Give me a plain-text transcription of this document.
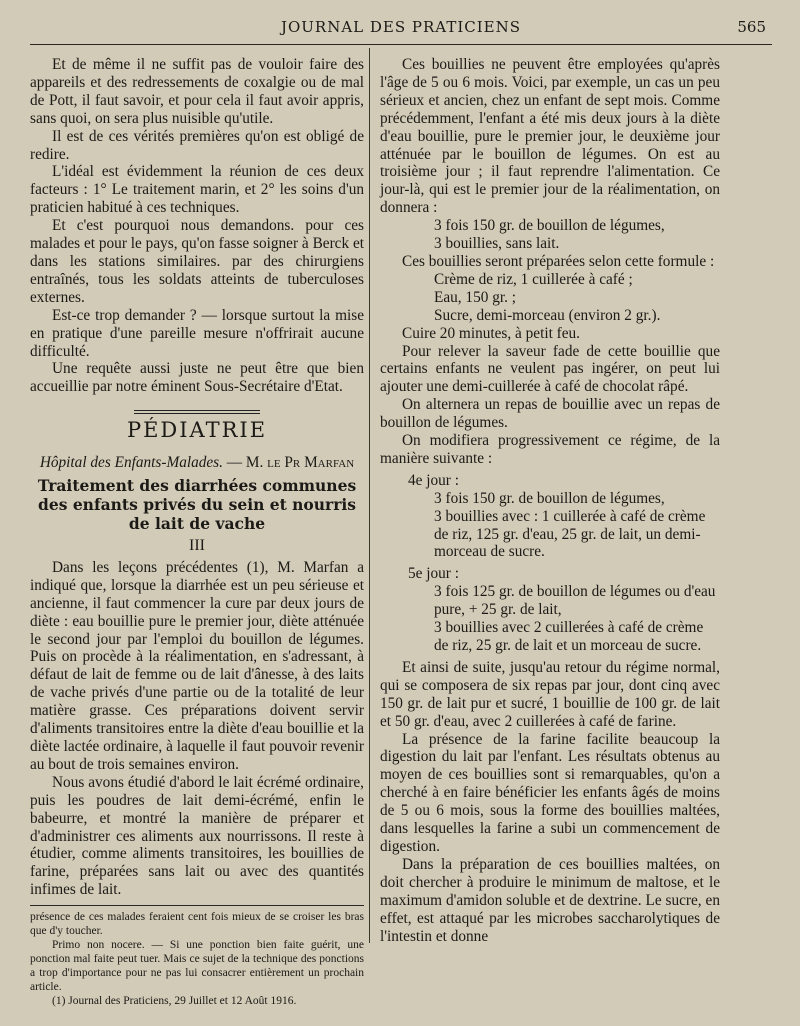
JOURNAL DES PRATICIENS	565

Et de même il ne suffit pas de vouloir faire des appareils et des redressements de coxalgie ou de mal de Pott, il faut savoir, et pour cela il faut avoir appris, sans quoi, on sera plus nuisible qu'utile.

Il est de ces vérités premières qu'on est obligé de redire.

L'idéal est évidemment la réunion de ces deux facteurs : 1° Le traitement marin, et 2° les soins d'un praticien habitué à ces techniques.

Et c'est pourquoi nous demandons. pour ces malades et pour le pays, qu'on fasse soigner à Berck et dans les stations similaires. par des chirurgiens entraînés, tous les soldats atteints de tuberculoses externes.

Est-ce trop demander ? — lorsque surtout la mise en pratique d'une pareille mesure n'offrirait aucune difficulté.

Une requête aussi juste ne peut être que bien accueillie par notre éminent Sous-Secrétaire d'Etat.

PÉDIATRIE
Hôpital des Enfants-Malades. — M. le Pr Marfan
Traitement des diarrhées communes des enfants privés du sein et nourris de lait de vache
III

Dans les leçons précédentes (1), M. Marfan a indiqué que, lorsque la diarrhée est un peu sérieuse et ancienne, il faut commencer la cure par deux jours de diète : eau bouillie pure le premier jour, diète atténuée le second jour par l'emploi du bouillon de légumes. Puis on procède à la réalimentation, en s'adressant, à défaut de lait de femme ou de lait d'ânesse, à des laits de vache privés d'une partie ou de la totalité de leur matière grasse. Ces préparations doivent servir d'aliments transitoires entre la diète d'eau bouillie et la diète lactée ordinaire, à laquelle il faut pouvoir revenir au bout de trois semaines environ.

Nous avons étudié d'abord le lait écrémé ordinaire, puis les poudres de lait demi-écrémé, enfin le babeurre, et montré la manière de préparer et d'administrer ces aliments aux nourrissons. Il reste à étudier, comme aliments transitoires, les bouillies de farine, préparées sans lait ou avec des quantités infimes de lait.

présence de ces malades feraient cent fois mieux de se croiser les bras que d'y toucher.

Primo non nocere. — Si une ponction bien faite guérit, une ponction mal faite peut tuer. Mais ce sujet de la technique des ponctions a trop d'importance pour ne pas lui consacrer entièrement un prochain article.

(1) Journal des Praticiens, 29 Juillet et 12 Août 1916.

Ces bouillies ne peuvent être employées qu'après l'âge de 5 ou 6 mois. Voici, par exemple, un cas un peu sérieux et ancien, chez un enfant de sept mois. Comme précédemment, l'enfant a été mis deux jours à la diète d'eau bouillie, pure le premier jour, le deuxième jour atténuée par le bouillon de légumes. On est au troisième jour ; il faut reprendre l'alimentation. Ce jour-là, qui est le premier jour de la réalimentation, on donnera :

3 fois 150 gr. de bouillon de légumes,

3 bouillies, sans lait.

Ces bouillies seront préparées selon cette formule :

Crème de riz, 1 cuillerée à café ;

Eau, 150 gr. ;

Sucre, demi-morceau (environ 2 gr.).

Cuire 20 minutes, à petit feu.

Pour relever la saveur fade de cette bouillie que certains enfants ne veulent pas ingérer, on peut lui ajouter une demi-cuillerée à café de chocolat râpé.

On alternera un repas de bouillie avec un repas de bouillon de légumes.

On modifiera progressivement ce régime, de la manière suivante :

4e jour :

3 fois 150 gr. de bouillon de légumes,

3 bouillies avec : 1 cuillerée à café de crème de riz, 125 gr. d'eau, 25 gr. de lait, un demi-morceau de sucre.

5e jour :

3 fois 125 gr. de bouillon de légumes ou d'eau pure, + 25 gr. de lait,

3 bouillies avec 2 cuillerées à café de crème de riz, 25 gr. de lait et un morceau de sucre.

Et ainsi de suite, jusqu'au retour du régime normal, qui se composera de six repas par jour, dont cinq avec 150 gr. de lait pur et sucré, 1 bouillie de 100 gr. de lait et 50 gr. d'eau, avec 2 cuillerées à café de farine.

La présence de la farine facilite beaucoup la digestion du lait par l'enfant. Les résultats obtenus au moyen de ces bouillies sont si remarquables, qu'on a cherché à en faire bénéficier les enfants âgés de moins de 5 ou 6 mois, sous la forme des bouillies maltées, dans lesquelles la farine a subi un commencement de digestion.

Dans la préparation de ces bouillies maltées, on doit chercher à produire le minimum de maltose, et le maximum d'amidon soluble et de dextrine. Le sucre, en effet, est attaqué par les microbes saccharolytiques de l'intestin et donne
